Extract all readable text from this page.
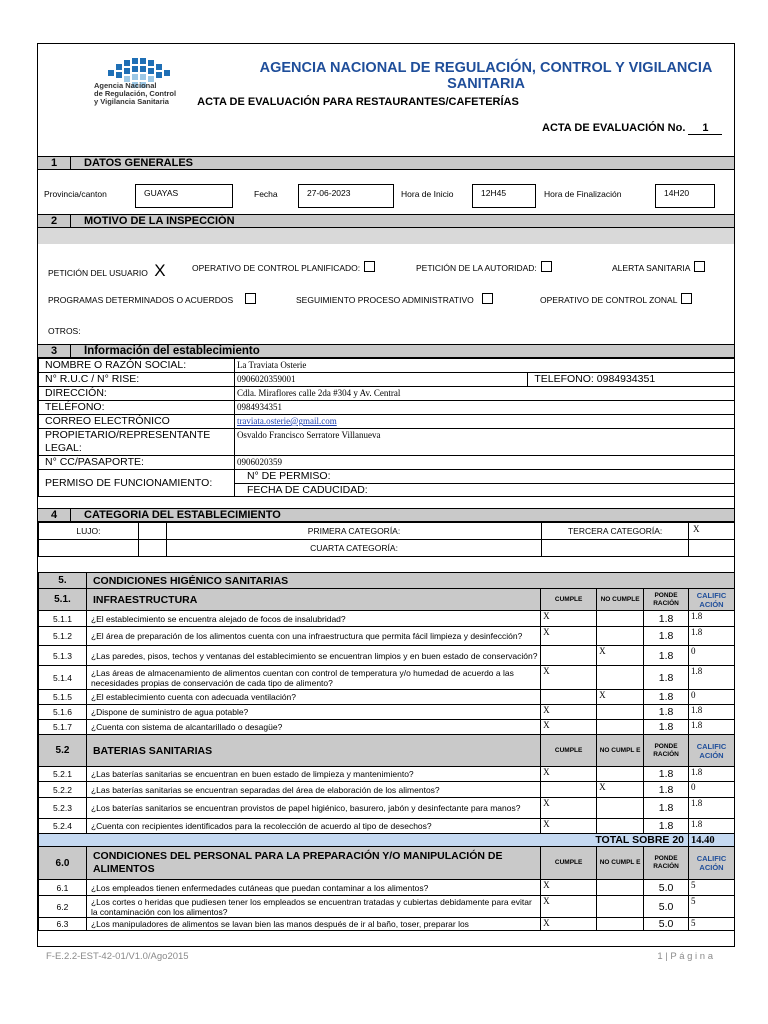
Agencia Nacional
de Regulación, Control
y Vigilancia Sanitaria
AGENCIA NACIONAL DE REGULACIÓN, CONTROL Y VIGILANCIA SANITARIA
ACTA DE EVALUACIÓN PARA RESTAURANTES/CAFETERÍAS
ACTA DE EVALUACIÓN No. 1
1	DATOS GENERALES
Provincia/canton	GUAYAS	Fecha	27-06-2023	Hora de Inicio	12H45	Hora de Finalización	14H20
2	MOTIVO DE LA INSPECCIÓN
PETICIÓN DEL USUARIO X	OPERATIVO DE CONTROL PLANIFICADO:	PETICIÓN DE LA AUTORIDAD:	ALERTA SANITARIA
PROGRAMAS DETERMINADOS O ACUERDOS	SEGUIMIENTO PROCESO ADMINISTRATIVO	OPERATIVO DE CONTROL ZONAL
OTROS:
3	Información del establecimiento
NOMBRE O RAZÓN SOCIAL:	La Traviata Osterie	
N° R.U.C / N° RISE:	0906020359001	TELEFONO: 0984934351
DIRECCIÓN:	Cdla. Miraflores calle 2da #304 y Av. Central	
TELÉFONO:	0984934351	
CORREO ELECTRÓNICO	traviata.osterie@gmail.com	
PROPIETARIO/REPRESENTANTE LEGAL:	Osvaldo Francisco Serratore Villanueva	
N° CC/PASAPORTE:	0906020359	
PERMISO DE FUNCIONAMIENTO:	N° DE PERMISO:
FECHA DE CADUCIDAD:	
4	CATEGORIA DEL ESTABLECIMIENTO
LUJO:		PRIMERA CATEGORÍA:	TERCERA CATEGORÍA:	X
		CUARTA CATEGORÍA:		
5.	CONDICIONES HIGÉNICO SANITARIAS				
5.1.	INFRAESTRUCTURA	CUMPLE	NO CUMPLE	PONDE RACIÓN	CALIFIC ACIÓN
5.1.1	¿El establecimiento se encuentra alejado de focos de insalubridad?	X		1.8	1.8
5.1.2	¿El área de preparación de los alimentos cuenta con una infraestructura que permita fácil limpieza y desinfección?	X		1.8	1.8
5.1.3	¿Las paredes, pisos, techos y ventanas del establecimiento se encuentran limpios y en buen estado de conservación?		X	1.8	0
5.1.4	¿Las áreas de almacenamiento de alimentos cuentan con control de temperatura y/o humedad de acuerdo a las necesidades propias de conservación de cada tipo de alimento?	X		1.8	1.8
5.1.5	¿El establecimiento cuenta con adecuada ventilación?		X	1.8	0
5.1.6	¿Dispone de suministro de agua potable?	X		1.8	1.8
5.1.7	¿Cuenta con sistema de alcantarillado o desagüe?	X		1.8	1.8
5.2	BATERIAS SANITARIAS	CUMPLE	NO CUMPL E	PONDE RACIÓN	CALIFIC ACIÓN
5.2.1	¿Las baterías sanitarias se encuentran en buen estado de limpieza y mantenimiento?	X		1.8	1.8
5.2.2	¿Las baterías sanitarias se encuentran separadas del área de elaboración de los alimentos?		X	1.8	0
5.2.3	¿Los baterías sanitarios se encuentran provistos de papel higiénico, basurero, jabón y desinfectante para manos?	X		1.8	1.8
5.2.4	¿Cuenta con recipientes identificados para la recolección de acuerdo al tipo de desechos?	X		1.8	1.8
TOTAL SOBRE 20					14.40
6.0	CONDICIONES DEL PERSONAL PARA LA PREPARACIÓN Y/O MANIPULACIÓN DE ALIMENTOS	CUMPLE	NO CUMPL E	PONDE RACIÓN	CALIFIC ACIÓN
6.1	¿Los empleados tienen enfermedades cutáneas que puedan contaminar a los alimentos?	X		5.0	5
6.2	¿Los cortes o heridas que pudiesen tener los empleados se encuentran tratadas y cubiertas debidamente para evitar la contaminación con los alimentos?	X		5.0	5
6.3	¿Los manipuladores de alimentos se lavan bien las manos después de ir al baño, toser, preparar los	X		5.0	5
F-E.2.2-EST-42-01/V1.0/Ago2015	1 | P á g i n a
